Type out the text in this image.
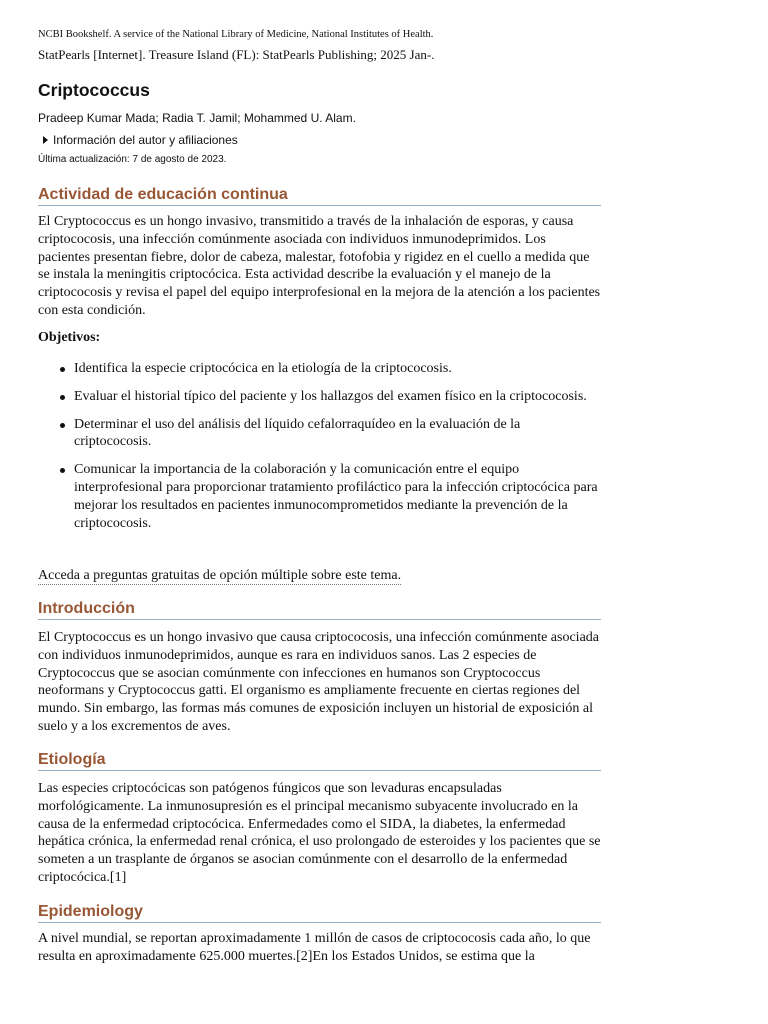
NCBI Bookshelf. A service of the National Library of Medicine, National Institutes of Health.
StatPearls [Internet]. Treasure Island (FL): StatPearls Publishing; 2025 Jan-.
Criptococcus
Pradeep Kumar Mada; Radia T. Jamil; Mohammed U. Alam.
Información del autor y afiliaciones
Última actualización: 7 de agosto de 2023.
Actividad de educación continua

El Cryptococcus es un hongo invasivo, transmitido a través de la inhalación de esporas, y causa criptococosis, una infección comúnmente asociada con individuos inmunodeprimidos. Los pacientes presentan fiebre, dolor de cabeza, malestar, fotofobia y rigidez en el cuello a medida que se instala la meningitis criptocócica. Esta actividad describe la evaluación y el manejo de la criptococosis y revisa el papel del equipo interprofesional en la mejora de la atención a los pacientes con esta condición.

Objetivos:

Identifica la especie criptocócica en la etiología de la criptococosis.
Evaluar el historial típico del paciente y los hallazgos del examen físico en la criptococosis.
Determinar el uso del análisis del líquido cefalorraquídeo en la evaluación de la criptococosis.
Comunicar la importancia de la colaboración y la comunicación entre el equipo interprofesional para proporcionar tratamiento profiláctico para la infección criptocócica para mejorar los resultados en pacientes inmunocomprometidos mediante la prevención de la criptococosis.
Acceda a preguntas gratuitas de opción múltiple sobre este tema.
Introducción

El Cryptococcus es un hongo invasivo que causa criptococosis, una infección comúnmente asociada con individuos inmunodeprimidos, aunque es rara en individuos sanos. Las 2 especies de Cryptococcus que se asocian comúnmente con infecciones en humanos son Cryptococcus neoformans y Cryptococcus gatti. El organismo es ampliamente frecuente en ciertas regiones del mundo. Sin embargo, las formas más comunes de exposición incluyen un historial de exposición al suelo y a los excrementos de aves.

Etiología

Las especies criptocócicas son patógenos fúngicos que son levaduras encapsuladas morfológicamente. La inmunosupresión es el principal mecanismo subyacente involucrado en la causa de la enfermedad criptocócica. Enfermedades como el SIDA, la diabetes, la enfermedad hepática crónica, la enfermedad renal crónica, el uso prolongado de esteroides y los pacientes que se someten a un trasplante de órganos se asocian comúnmente con el desarrollo de la enfermedad criptocócica.[1]

Epidemiology

A nivel mundial, se reportan aproximadamente 1 millón de casos de criptococosis cada año, lo que resulta en aproximadamente 625.000 muertes.[2]En los Estados Unidos, se estima que la
